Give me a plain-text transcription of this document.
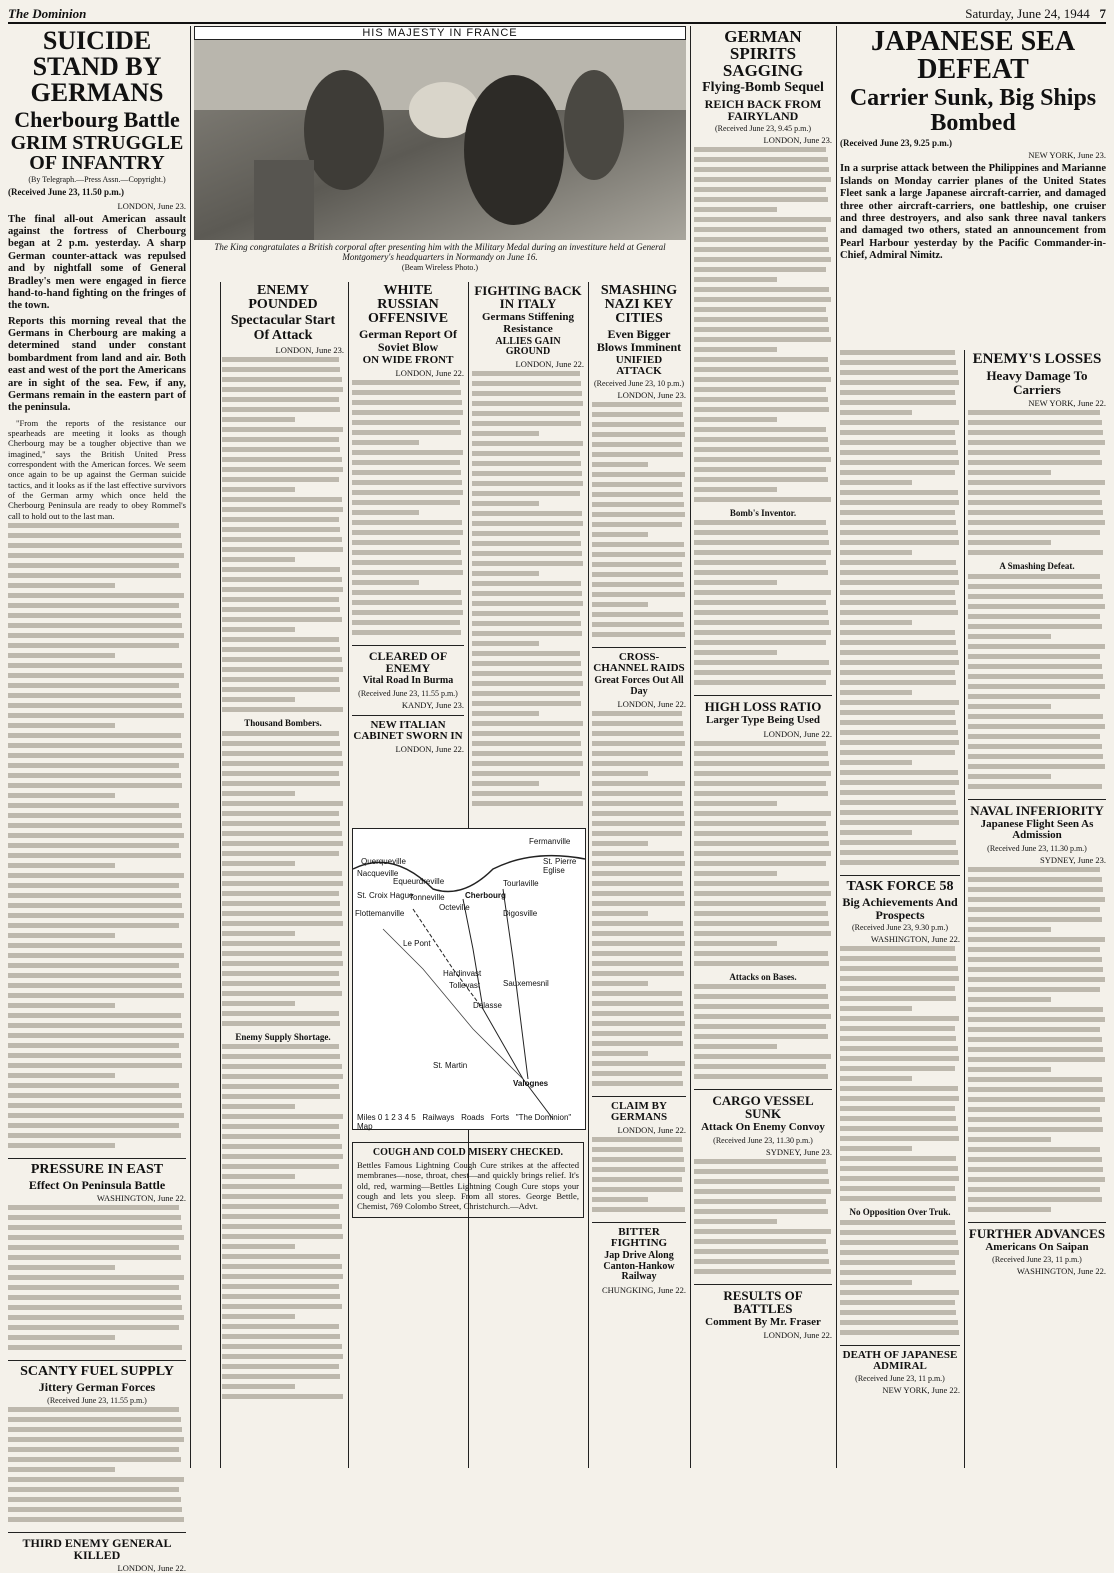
The Dominion	Saturday, June 24, 1944 7
SUICIDE STAND BY GERMANS
Cherbourg Battle
GRIM STRUGGLE OF INFANTRY
(By Telegraph.—Press Assn.—Copyright.)
(Received June 23, 11.50 p.m.)
LONDON, June 23.
The final all-out American assault against the fortress of Cherbourg began at 2 p.m. yesterday. A sharp German counter-attack was repulsed and by nightfall some of General Bradley's men were engaged in fierce hand-to-hand fighting on the fringes of the town.
Reports this morning reveal that the Germans in Cherbourg are making a determined stand under constant bombardment from land and air. Both east and west of the port the Americans are in sight of the sea. Few, if any, Germans remain in the eastern part of the peninsula.
"From the reports of the resistance our spearheads are meeting it looks as though Cherbourg may be a tougher objective than we imagined," says the British United Press correspondent with the American forces. We seem once again to be up against the German suicide tactics, and it looks as if the last effective survivors of the German army which once held the Cherbourg Peninsula are ready to obey Rommel's call to hold out to the last man.
PRESSURE IN EAST
Effect On Peninsula Battle
WASHINGTON, June 22.
SCANTY FUEL SUPPLY
Jittery German Forces
(Received June 23, 11.55 p.m.)
THIRD ENEMY GENERAL KILLED
LONDON, June 22.
HIS MAJESTY IN FRANCE
The King congratulates a British corporal after presenting him with the Military Medal during an investiture held at General Montgomery's headquarters in Normandy on June 16.
(Beam Wireless Photo.)
ENEMY POUNDED
Spectacular Start Of Attack
LONDON, June 23.
Thousand Bombers.
Enemy Supply Shortage.
WHITE RUSSIAN OFFENSIVE
German Report Of Soviet Blow
ON WIDE FRONT
LONDON, June 22.
CLEARED OF ENEMY
Vital Road In Burma
(Received June 23, 11.55 p.m.)
KANDY, June 23.
NEW ITALIAN CABINET SWORN IN
LONDON, June 22.
FIGHTING BACK IN ITALY
Germans Stiffening Resistance
ALLIES GAIN GROUND
LONDON, June 22.
SMASHING NAZI KEY CITIES
Even Bigger Blows Imminent
UNIFIED ATTACK
(Received June 23, 10 p.m.)
LONDON, June 23.
CROSS-CHANNEL RAIDS
Great Forces Out All Day
LONDON, June 22.
CLAIM BY GERMANS
LONDON, June 22.
BITTER FIGHTING
Jap Drive Along Canton-Hankow Railway
CHUNGKING, June 22.
Cherbourg
Octeville
Tourlaville
Querqueville
Equeurdreville
Flottemanville
Tonneville
Nacqueville
St. Croix Hague
Digosville
St. Pierre Eglise
Le Pont
Hardinvast
Tollevast	Sauxemesnil
Delasse
St. Martin
Valognes
Fermanville
Miles 0 1 2 3 4 5   Railways Roads Forts "The Dominion" Map
COUGH AND COLD MISERY CHECKED.
Bettles Famous Lightning Cough Cure strikes at the affected membranes—nose, throat, chest—and quickly brings relief. It's old, red, warming—Bettles Lightning Cough Cure stops your cough and lets you sleep. From all stores. George Bettle, Chemist, 769 Colombo Street, Christchurch.—Advt.
GERMAN SPIRITS SAGGING
Flying-Bomb Sequel
REICH BACK FROM FAIRYLAND
(Received June 23, 9.45 p.m.)
LONDON, June 23.
Bomb's Inventor.
HIGH LOSS RATIO
Larger Type Being Used
LONDON, June 22.
Attacks on Bases.
CARGO VESSEL SUNK
Attack On Enemy Convoy
(Received June 23, 11.30 p.m.)
SYDNEY, June 23.
RESULTS OF BATTLES
Comment By Mr. Fraser
LONDON, June 22.
JAPANESE SEA DEFEAT
Carrier Sunk, Big Ships Bombed
(Received June 23, 9.25 p.m.)
NEW YORK, June 23.
In a surprise attack between the Philippines and Marianne Islands on Monday carrier planes of the United States Fleet sank a large Japanese aircraft-carrier, and damaged three other aircraft-carriers, one battleship, one cruiser and three destroyers, and also sank three naval tankers and damaged two others, stated an announcement from Pearl Harbour yesterday by the Pacific Commander-in-Chief, Admiral Nimitz.
TASK FORCE 58
Big Achievements And Prospects
(Received June 23, 9.30 p.m.)
WASHINGTON, June 22.
No Opposition Over Truk.
DEATH OF JAPANESE ADMIRAL
(Received June 23, 11 p.m.)
NEW YORK, June 22.
ENEMY'S LOSSES
Heavy Damage To Carriers
NEW YORK, June 22.
A Smashing Defeat.
NAVAL INFERIORITY
Japanese Flight Seen As Admission
(Received June 23, 11.30 p.m.)
SYDNEY, June 23.
FURTHER ADVANCES
Americans On Saipan
(Received June 23, 11 p.m.)
WASHINGTON, June 22.
